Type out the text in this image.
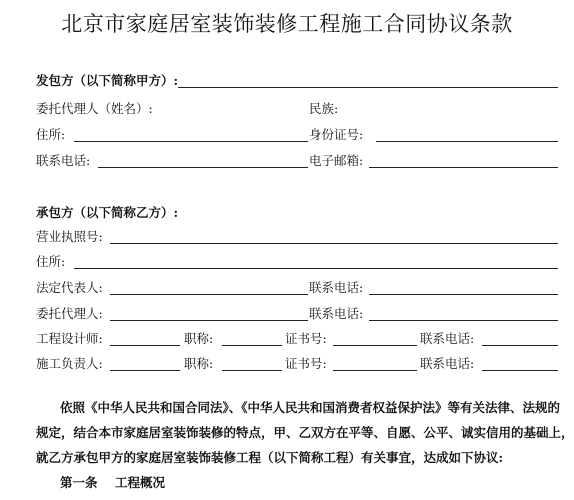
北京市家庭居室装饰装修工程施工合同协议条款
发包方（以下简称甲方）:
委托代理人（姓名）:	民族:
住所:	身份证号:
联系电话:	电子邮箱:
承包方（以下简称乙方）:
营业执照号:
住所:
法定代表人:	联系电话:
委托代理人:	联系电话:
工程设计师:	职称:	证书号:	联系电话:
施工负责人:	职称:	证书号:	联系电话:
依照《中华人民共和国合同法》、《中华人民共和国消费者权益保护法》等有关法律、法规的
规定，结合本市家庭居室装饰装修的特点，甲、乙双方在平等、自愿、公平、诚实信用的基础上，
就乙方承包甲方的家庭居室装饰装修工程（以下简称工程）有关事宜，达成如下协议:
第一条 工程概况
